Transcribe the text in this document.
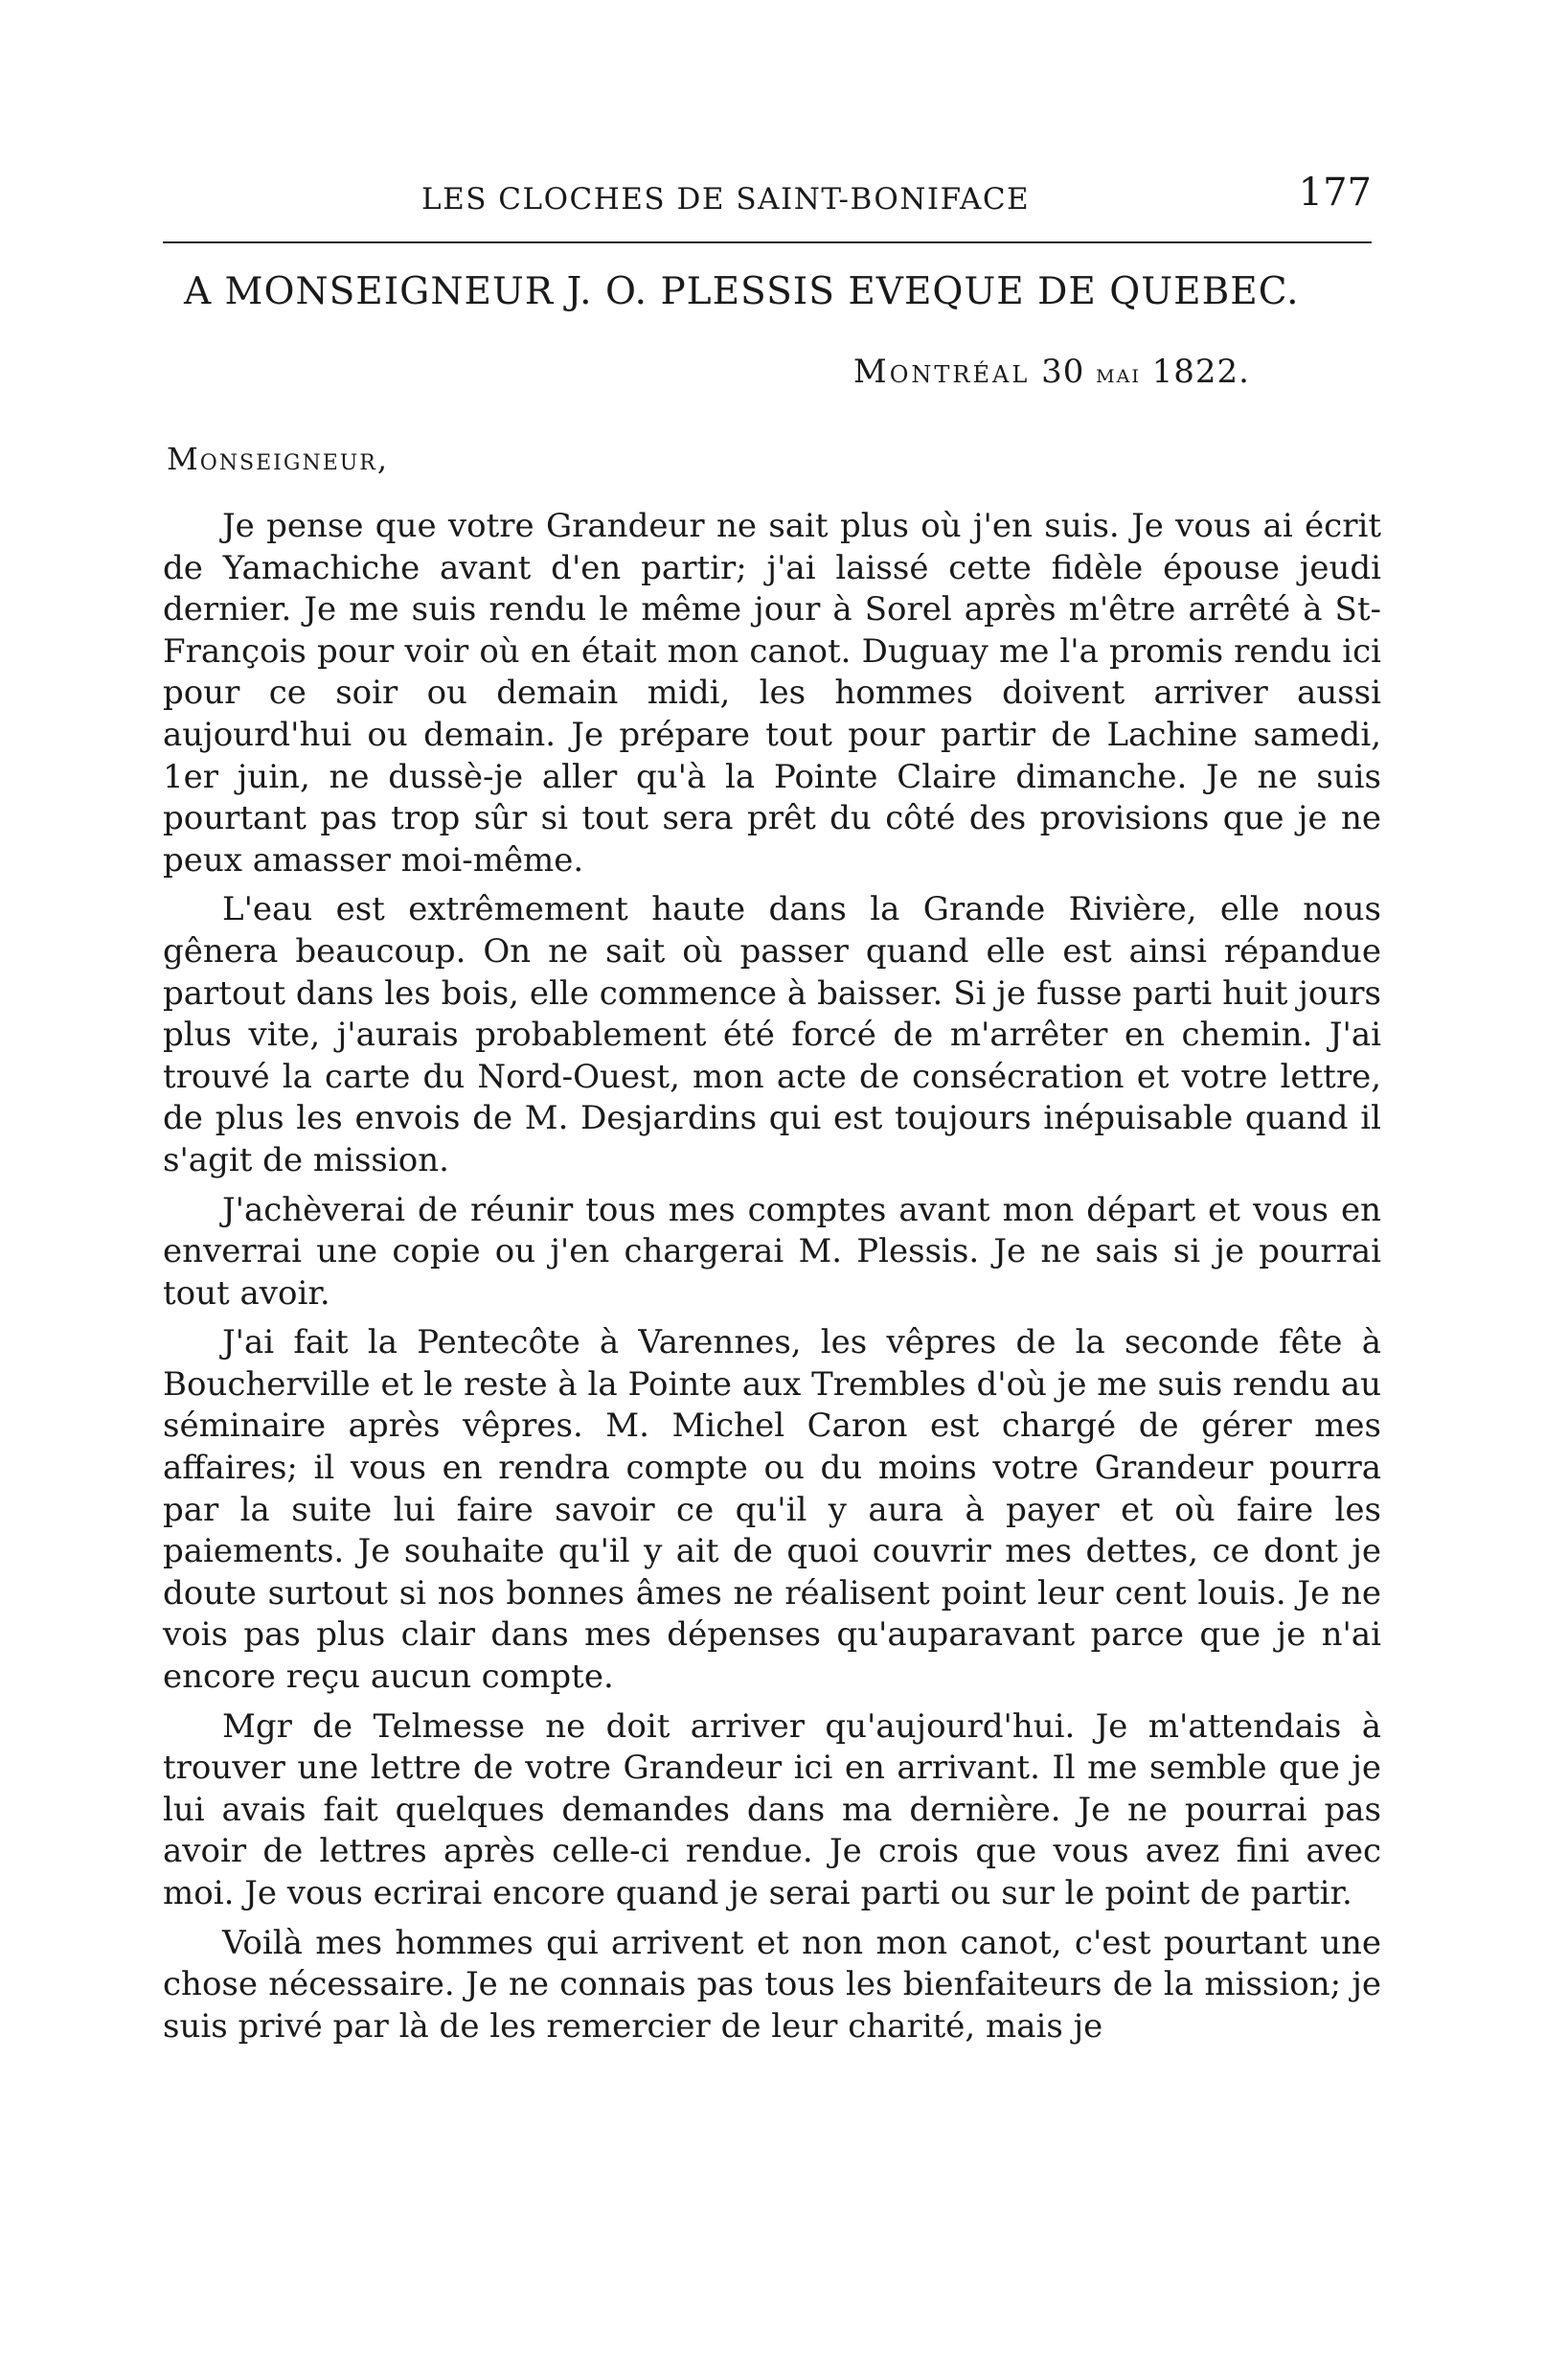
LES CLOCHES DE SAINT-BONIFACE	177
A MONSEIGNEUR J. O. PLESSIS EVEQUE DE QUEBEC.
Montréal 30 mai 1822.
Monseigneur,

Je pense que votre Grandeur ne sait plus où j'en suis. Je vous ai écrit de Yamachiche avant d'en partir; j'ai laissé cette fidèle épouse jeudi dernier. Je me suis rendu le même jour à Sorel après m'être arrêté à St-François pour voir où en était mon canot. Duguay me l'a promis rendu ici pour ce soir ou demain midi, les hommes doivent arriver aussi aujourd'hui ou demain. Je prépare tout pour partir de Lachine samedi, 1er juin, ne dussè-je aller qu'à la Pointe Claire dimanche. Je ne suis pourtant pas trop sûr si tout sera prêt du côté des provisions que je ne peux amasser moi-même.

L'eau est extrêmement haute dans la Grande Rivière, elle nous gênera beaucoup. On ne sait où passer quand elle est ainsi répandue partout dans les bois, elle commence à baisser. Si je fusse parti huit jours plus vite, j'aurais probablement été forcé de m'arrêter en chemin. J'ai trouvé la carte du Nord-Ouest, mon acte de consécration et votre lettre, de plus les envois de M. Desjardins qui est toujours inépuisable quand il s'agit de mission.

J'achèverai de réunir tous mes comptes avant mon départ et vous en enverrai une copie ou j'en chargerai M. Plessis. Je ne sais si je pourrai tout avoir.

J'ai fait la Pentecôte à Varennes, les vêpres de la seconde fête à Boucherville et le reste à la Pointe aux Trembles d'où je me suis rendu au séminaire après vêpres. M. Michel Caron est chargé de gérer mes affaires; il vous en rendra compte ou du moins votre Grandeur pourra par la suite lui faire savoir ce qu'il y aura à payer et où faire les paiements. Je souhaite qu'il y ait de quoi couvrir mes dettes, ce dont je doute surtout si nos bonnes âmes ne réalisent point leur cent louis. Je ne vois pas plus clair dans mes dépenses qu'auparavant parce que je n'ai encore reçu aucun compte.

Mgr de Telmesse ne doit arriver qu'aujourd'hui. Je m'attendais à trouver une lettre de votre Grandeur ici en arrivant. Il me semble que je lui avais fait quelques demandes dans ma dernière. Je ne pourrai pas avoir de lettres après celle-ci rendue. Je crois que vous avez fini avec moi. Je vous ecrirai encore quand je serai parti ou sur le point de partir.

Voilà mes hommes qui arrivent et non mon canot, c'est pourtant une chose nécessaire. Je ne connais pas tous les bienfaiteurs de la mission; je suis privé par là de les remercier de leur charité, mais je
